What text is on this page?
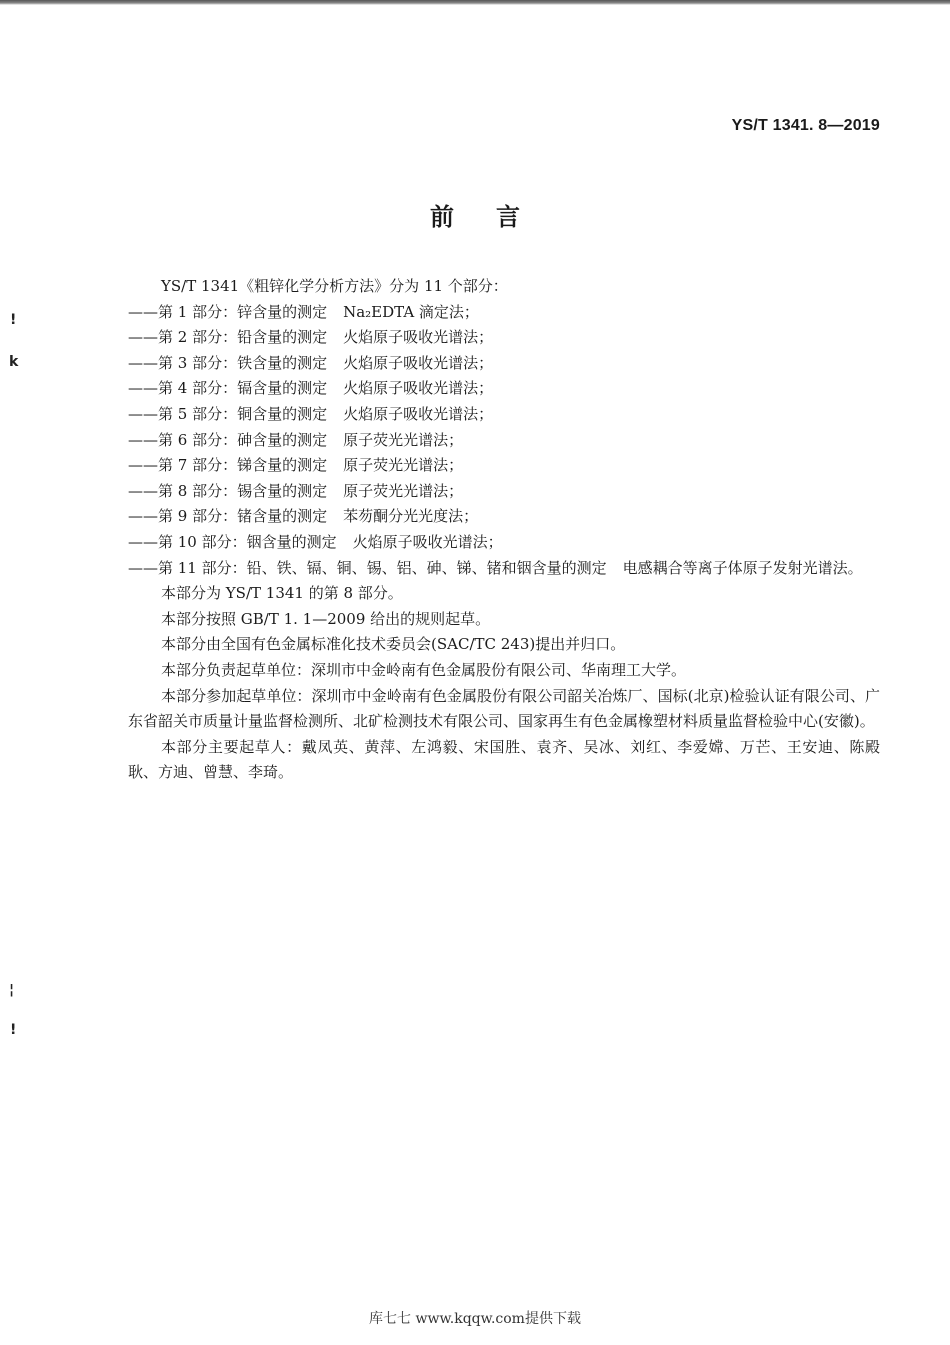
YS/T 1341. 8—2019
前言
YS/T 1341《粗锌化学分析方法》分为 11 个部分：
——第 1 部分：锌含量的测定 Na₂EDTA 滴定法；
——第 2 部分：铅含量的测定 火焰原子吸收光谱法；
——第 3 部分：铁含量的测定 火焰原子吸收光谱法；
——第 4 部分：镉含量的测定 火焰原子吸收光谱法；
——第 5 部分：铜含量的测定 火焰原子吸收光谱法；
——第 6 部分：砷含量的测定 原子荧光光谱法；
——第 7 部分：锑含量的测定 原子荧光光谱法；
——第 8 部分：锡含量的测定 原子荧光光谱法；
——第 9 部分：锗含量的测定 苯芴酮分光光度法；
——第 10 部分：铟含量的测定 火焰原子吸收光谱法；
——第 11 部分：铅、铁、镉、铜、锡、铝、砷、锑、锗和铟含量的测定 电感耦合等离子体原子发射光谱法。
本部分为 YS/T 1341 的第 8 部分。
本部分按照 GB/T 1. 1—2009 给出的规则起草。
本部分由全国有色金属标准化技术委员会(SAC/TC 243)提出并归口。
本部分负责起草单位：深圳市中金岭南有色金属股份有限公司、华南理工大学。
本部分参加起草单位：深圳市中金岭南有色金属股份有限公司韶关冶炼厂、国标(北京)检验认证有限公司、广东省韶关市质量计量监督检测所、北矿检测技术有限公司、国家再生有色金属橡塑材料质量监督检验中心(安徽)。
本部分主要起草人：戴凤英、黄萍、左鸿毅、宋国胜、袁齐、吴冰、刘红、李爱嫦、万芒、王安迪、陈殿耿、方迪、曾慧、李琦。
!
k
¦
!
库七七 www.kqqw.com提供下载
